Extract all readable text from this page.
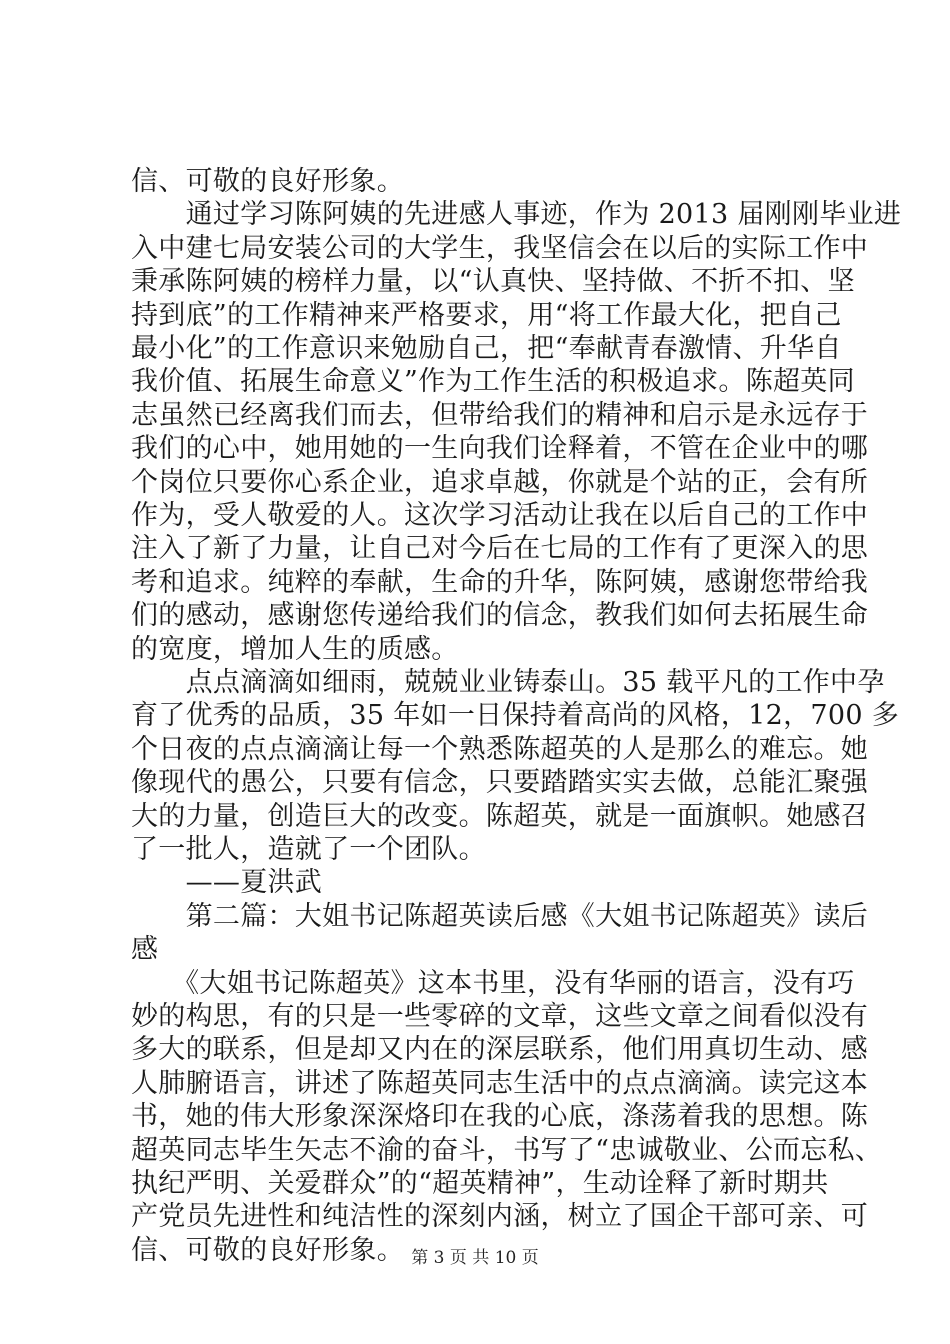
信、可敬的良好形象。
　　通过学习陈阿姨的先进感人事迹，作为 2013 届刚刚毕业进
入中建七局安装公司的大学生，我坚信会在以后的实际工作中
秉承陈阿姨的榜样力量，以“认真快、坚持做、不折不扣、坚
持到底”的工作精神来严格要求，用“将工作最大化，把自己
最小化”的工作意识来勉励自己，把“奉献青春激情、升华自
我价值、拓展生命意义”作为工作生活的积极追求。陈超英同
志虽然已经离我们而去，但带给我们的精神和启示是永远存于
我们的心中，她用她的一生向我们诠释着，不管在企业中的哪
个岗位只要你心系企业，追求卓越，你就是个站的正，会有所
作为，受人敬爱的人。这次学习活动让我在以后自己的工作中
注入了新了力量，让自己对今后在七局的工作有了更深入的思
考和追求。纯粹的奉献，生命的升华，陈阿姨，感谢您带给我
们的感动，感谢您传递给我们的信念，教我们如何去拓展生命
的宽度，增加人生的质感。
　　点点滴滴如细雨，兢兢业业铸泰山。35 载平凡的工作中孕
育了优秀的品质，35 年如一日保持着高尚的风格，12，700 多
个日夜的点点滴滴让每一个熟悉陈超英的人是那么的难忘。她
像现代的愚公，只要有信念，只要踏踏实实去做，总能汇聚强
大的力量，创造巨大的改变。陈超英，就是一面旗帜。她感召
了一批人，造就了一个团队。
　　——夏洪武
　　第二篇：大姐书记陈超英读后感《大姐书记陈超英》读后
感
　　《大姐书记陈超英》这本书里，没有华丽的语言，没有巧
妙的构思，有的只是一些零碎的文章，这些文章之间看似没有
多大的联系，但是却又内在的深层联系，他们用真切生动、感
人肺腑语言，讲述了陈超英同志生活中的点点滴滴。读完这本
书，她的伟大形象深深烙印在我的心底，涤荡着我的思想。陈
超英同志毕生矢志不渝的奋斗，书写了“忠诚敬业、公而忘私、
执纪严明、关爱群众”的“超英精神”，生动诠释了新时期共
产党员先进性和纯洁性的深刻内涵，树立了国企干部可亲、可
信、可敬的良好形象。 第 3 页 共 10 页
